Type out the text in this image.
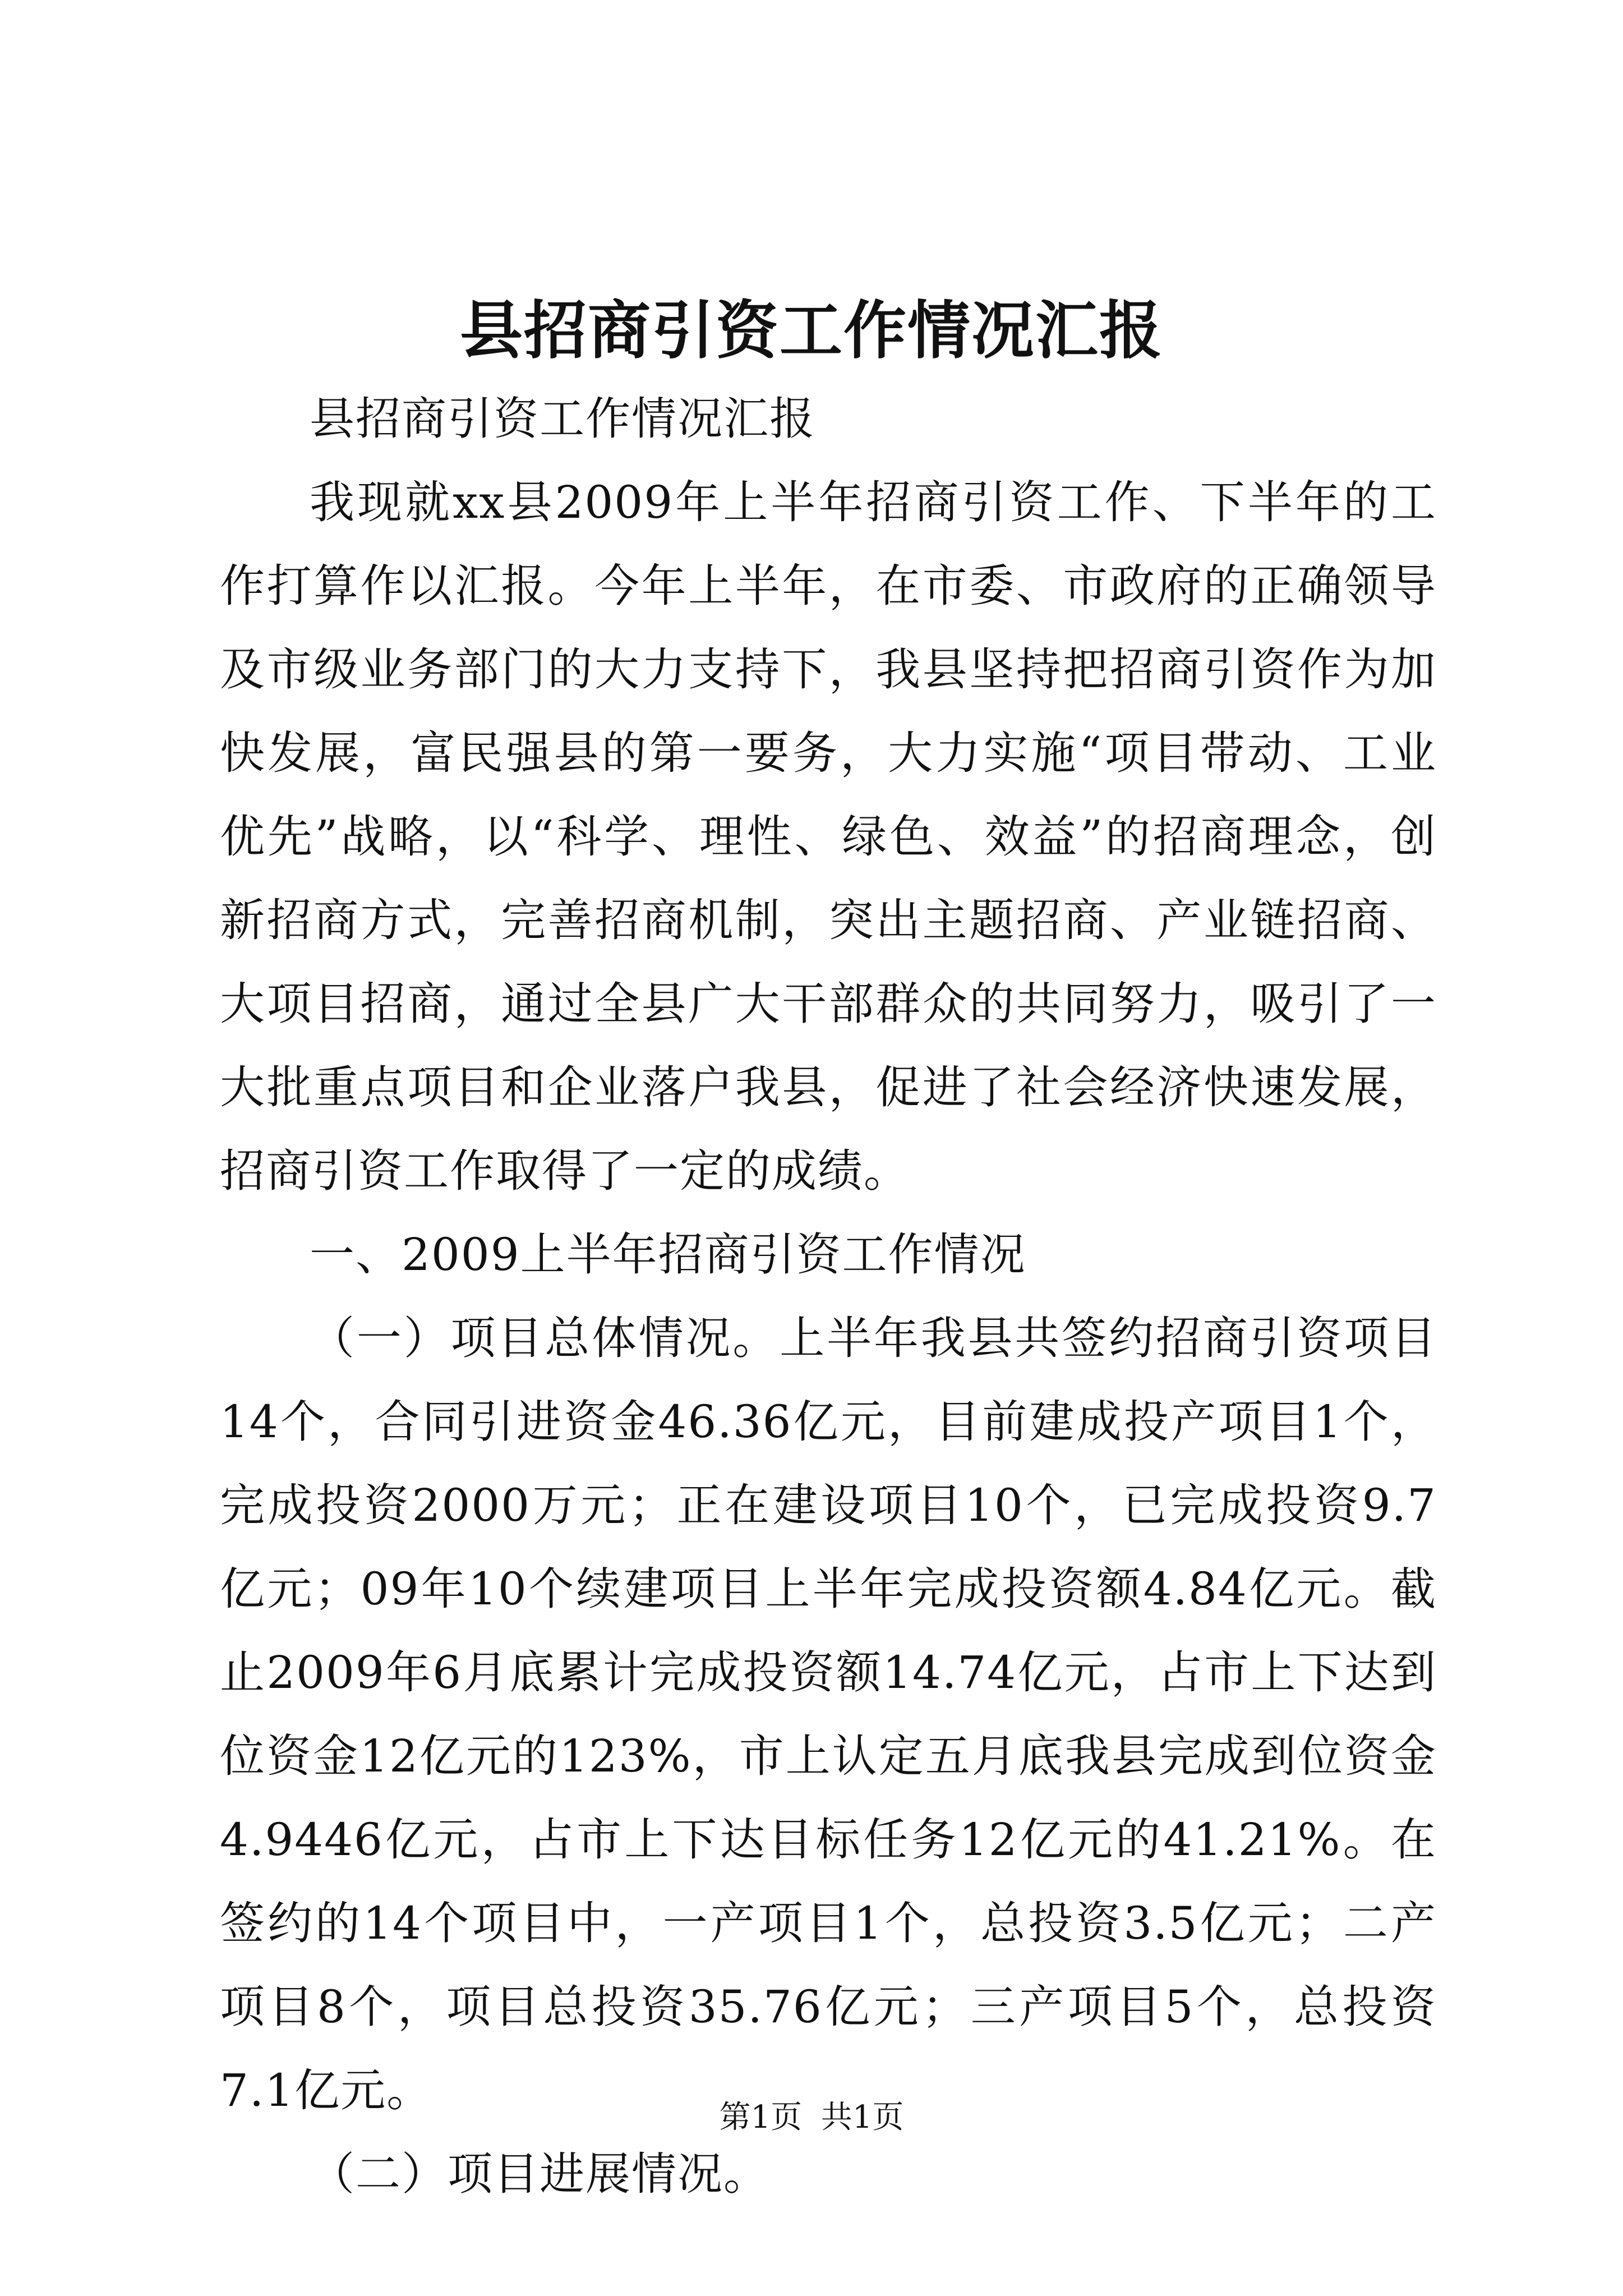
县招商引资工作情况汇报

县招商引资工作情况汇报

我现就xx县2009年上半年招商引资工作、下半年的工作打算作以汇报。今年上半年，在市委、市政府的正确领导及市级业务部门的大力支持下，我县坚持把招商引资作为加快发展，富民强县的第一要务，大力实施“项目带动、工业优先”战略，以“科学、理性、绿色、效益”的招商理念，创新招商方式，完善招商机制，突出主题招商、产业链招商、大项目招商，通过全县广大干部群众的共同努力，吸引了一大批重点项目和企业落户我县，促进了社会经济快速发展，招商引资工作取得了一定的成绩。

一、2009上半年招商引资工作情况

（一）项目总体情况。上半年我县共签约招商引资项目14个，合同引进资金46.36亿元，目前建成投产项目1个，完成投资2000万元；正在建设项目10个，已完成投资9.7亿元；09年10个续建项目上半年完成投资额4.84亿元。截止2009年6月底累计完成投资额14.74亿元，占市上下达到位资金12亿元的123%，市上认定五月底我县完成到位资金4.9446亿元，占市上下达目标任务12亿元的41.21%。在签约的14个项目中，一产项目1个，总投资3.5亿元；二产项目8个，项目总投资35.76亿元；三产项目5个，总投资7.1亿元。

（二）项目进展情况。

第1页 共1页
